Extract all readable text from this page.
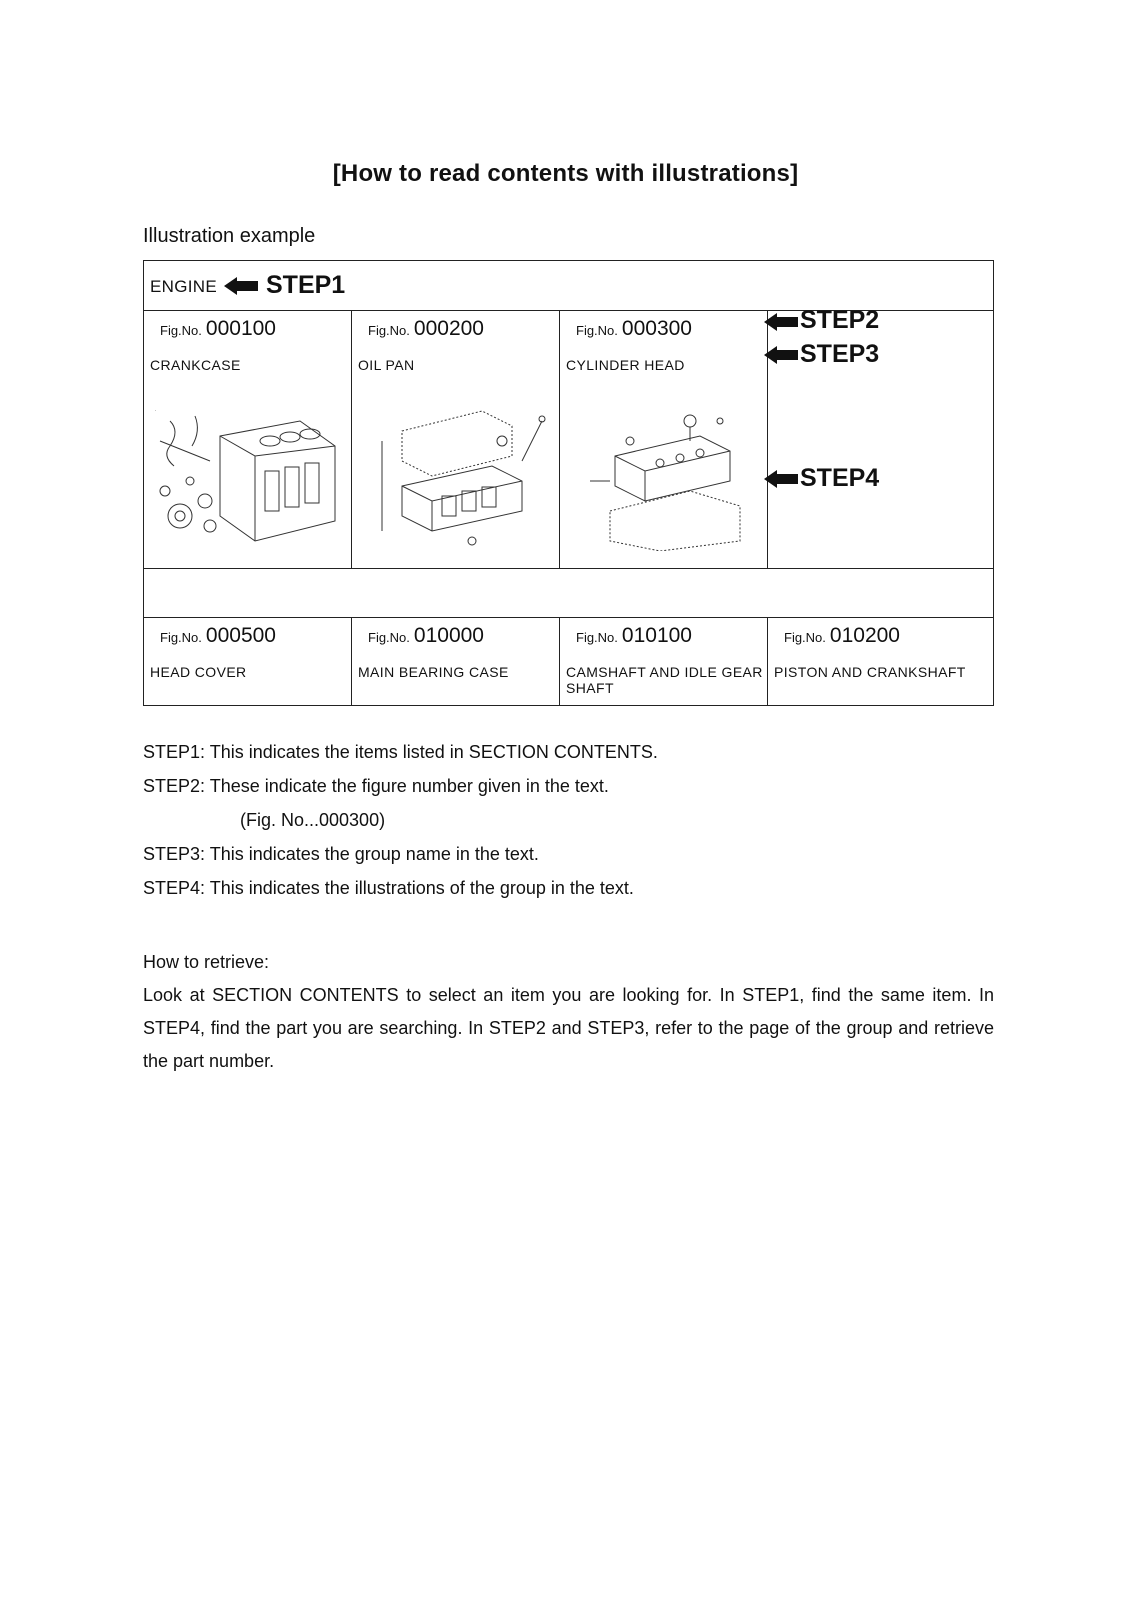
[How to read contents with illustrations]
Illustration example
ENGINE STEP1
Fig.No. 000100
CRANKCASE
.
Fig.No. 000200
OIL PAN
Fig.No. 000300
CYLINDER HEAD
Fig.No. 000500
HEAD COVER
Fig.No. 010000
MAIN BEARING CASE
Fig.No. 010100
CAMSHAFT AND IDLE GEAR
SHAFT
Fig.No. 010200
PISTON AND CRANKSHAFT
STEP2
STEP3
STEP4

STEP1: This indicates the items listed in SECTION CONTENTS.

STEP2: These indicate the figure number given in the text.

(Fig. No...000300)

STEP3: This indicates the group name in the text.

STEP4: This indicates the illustrations of the group in the text.

How to retrieve:

Look at SECTION CONTENTS to select an item you are looking for. In STEP1, find the same item. In STEP4, find the part you are searching. In STEP2 and STEP3, refer to the page of the group and retrieve the part number.
